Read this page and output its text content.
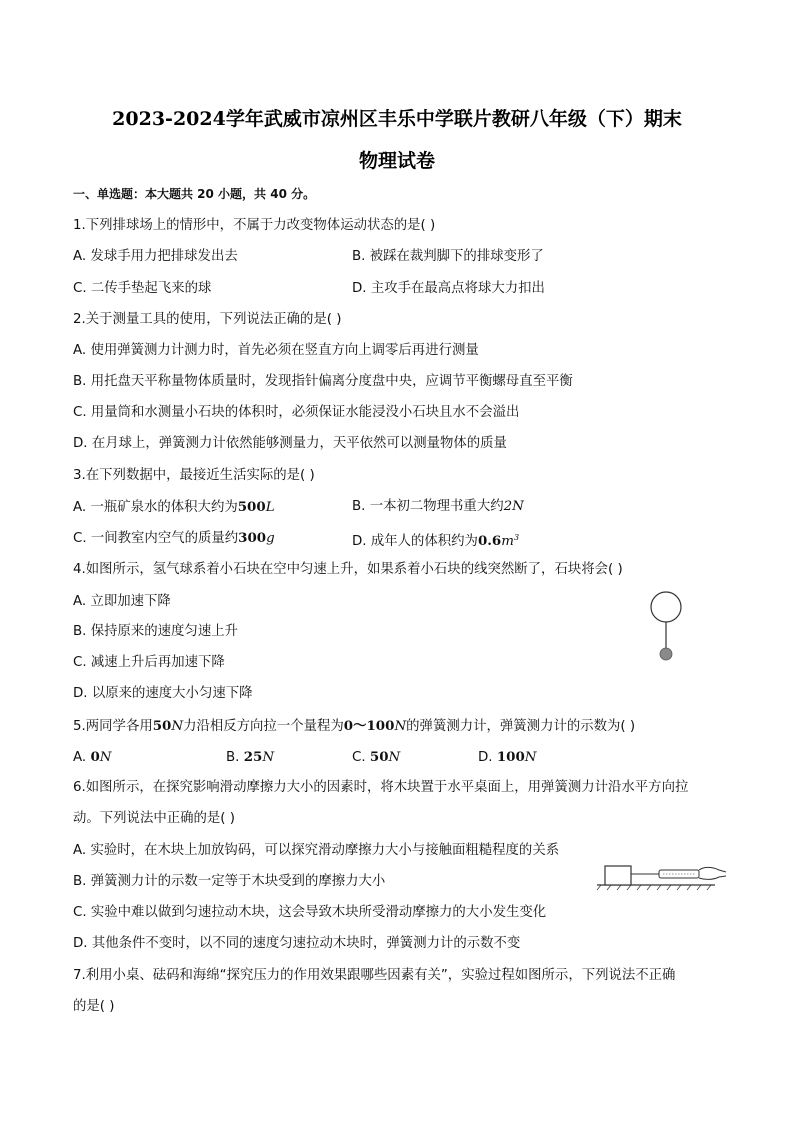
2023-2024学年武威市凉州区丰乐中学联片教研八年级（下）期末
物理试卷
一、单选题：本大题共 20 小题，共 40 分。
1.下列排球场上的情形中，不属于力改变物体运动状态的是( )
A. 发球手用力把排球发出去	B. 被踩在裁判脚下的排球变形了
C. 二传手垫起飞来的球	D. 主攻手在最高点将球大力扣出
2.关于测量工具的使用，下列说法正确的是( )
A. 使用弹簧测力计测力时，首先必须在竖直方向上调零后再进行测量
B. 用托盘天平称量物体质量时，发现指针偏离分度盘中央，应调节平衡螺母直至平衡
C. 用量筒和水测量小石块的体积时，必须保证水能浸没小石块且水不会溢出
D. 在月球上，弹簧测力计依然能够测量力，天平依然可以测量物体的质量
3.在下列数据中，最接近生活实际的是( )
A. 一瓶矿泉水的体积大约为500L	B. 一本初二物理书重大约2N
C. 一间教室内空气的质量约300g	D. 成年人的体积约为$0.6m^3$
4.如图所示，氢气球系着小石块在空中匀速上升，如果系着小石块的线突然断了，石块将会( )
A. 立即加速下降
B. 保持原来的速度匀速上升
C. 减速上升后再加速下降
D. 以原来的速度大小匀速下降
5.两同学各用50N力沿相反方向拉一个量程为0～100N的弹簧测力计，弹簧测力计的示数为( )
A. 0N	B. 25N	C. 50N	D. 100N
6.如图所示，在探究影响滑动摩擦力大小的因素时，将木块置于水平桌面上，用弹簧测力计沿水平方向拉
动。下列说法中正确的是( )
A. 实验时，在木块上加放钩码，可以探究滑动摩擦力大小与接触面粗糙程度的关系
B. 弹簧测力计的示数一定等于木块受到的摩擦力大小
C. 实验中难以做到匀速拉动木块，这会导致木块所受滑动摩擦力的大小发生变化
D. 其他条件不变时，以不同的速度匀速拉动木块时，弹簧测力计的示数不变
7.利用小桌、砝码和海绵“探究压力的作用效果跟哪些因素有关”，实验过程如图所示，下列说法不正确
的是( )
